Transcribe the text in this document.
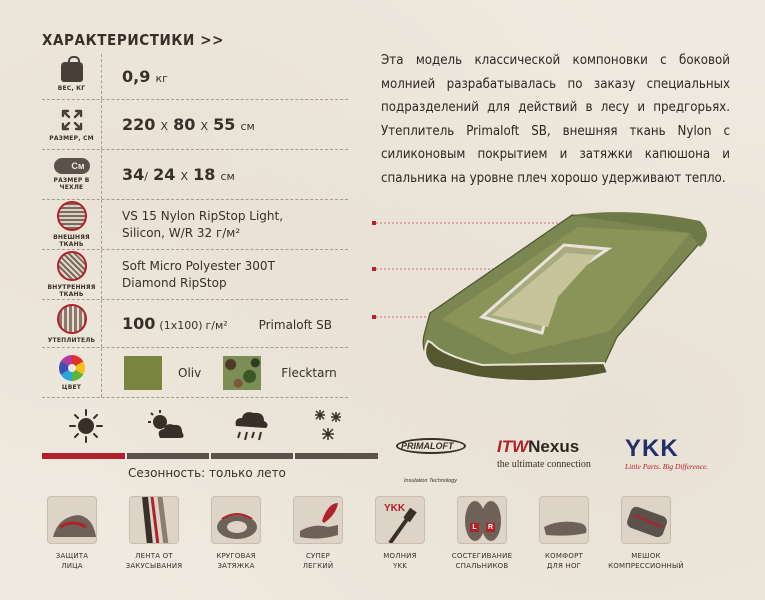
ХАРАКТЕРИСТИКИ >>
ВЕС, КГ
0,9 кг
РАЗМЕР, СМ
220 Х 80 Х 55 см
См
РАЗМЕР В ЧЕХЛЕ
34/ 24 Х 18 см
ВНЕШНЯЯ ТКАНЬ
VS 15 Nylon RipStop Light,
Silicon, W/R 32 г/м²
ВНУТРЕННЯЯ ТКАНЬ
Soft Micro Polyester 300T
Diamond RipStop
УТЕПЛИТЕЛЬ
100 (1х100) г/м²	Primaloft SB
ЦВЕТ
Oliv	Flecktarn
Эта модель классической компоновки с боковой молнией разрабатывалась по заказу специальных подразделений для действий в лесу и предгорьях. Утеплитель Primaloft SB, внешняя ткань Nylon с силиконовым покрытием и затяжки капюшона и спальника на уровне плеч хорошо удерживают тепло.
Сезонность: только лето
PRIMALOFT
Insulation Technology
ITWNexus
the ultimate connection
YKK
Little Parts. Big Difference.
ЗАЩИТА
ЛИЦА
ЛЕНТА ОТ
ЗАКУСЫВАНИЯ
КРУГОВАЯ
ЗАТЯЖКА
СУПЕР
ЛЕГКИЙ
YKK
МОЛНИЯ
YKK
L	R
СОСТЕГИВАНИЕ
СПАЛЬНИКОВ
КОМФОРТ
ДЛЯ НОГ
МЕШОК
КОМПРЕССИОННЫЙ
